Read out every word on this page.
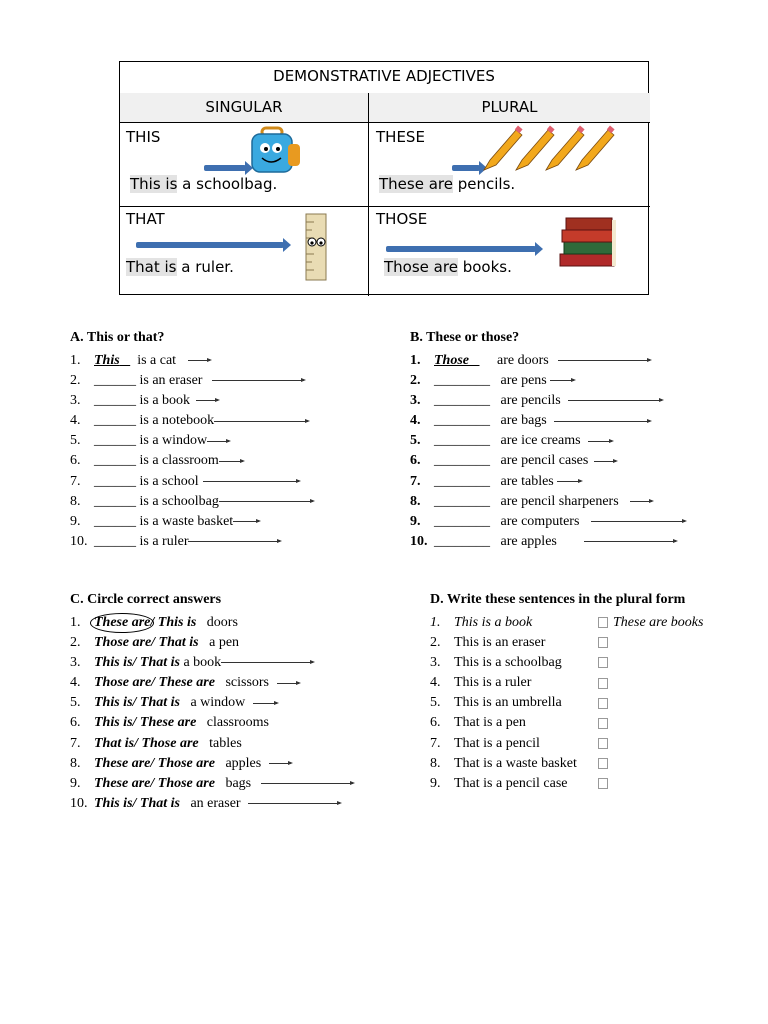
DEMONSTRATIVE ADJECTIVES
SINGULAR	PLURAL
THIS
This is a schoolbag.
THESE
These are pencils.
THAT
That is a ruler.
THOSE
Those are books.
A. This or that?
1. This is a cat
2. ______ is an eraser
3. ______ is a book
4. ______ is a notebook
5. ______ is a window
6. ______ is a classroom
7. ______ is a school
8. ______ is a schoolbag
9. ______ is a waste basket
10. ______ is a ruler
B. These or those?
1. Those are doors
2. ________ are pens
3. ________ are pencils
4. ________ are bags
5. ________ are ice creams
6. ________ are pencil cases
7. ________ are tables
8. ________ are pencil sharpeners
9. ________ are computers
10. ________ are apples
C. Circle correct answers
1. These are/ This is doors
2. Those are/ That is a pen
3. This is/ That is a book
4. Those are/ These are scissors
5. This is/ That is a window
6. This is/ These are classrooms
7. That is/ Those are tables
8. These are/ Those are apples
9. These are/ Those are bags
10. This is/ That is an eraser
D. Write these sentences in the plural form
1. This is a book	These are books
2. This is an eraser
3. This is a schoolbag
4. This is a ruler
5. This is an umbrella
6. That is a pen
7. That is a pencil
8. That is a waste basket
9. That is a pencil case
